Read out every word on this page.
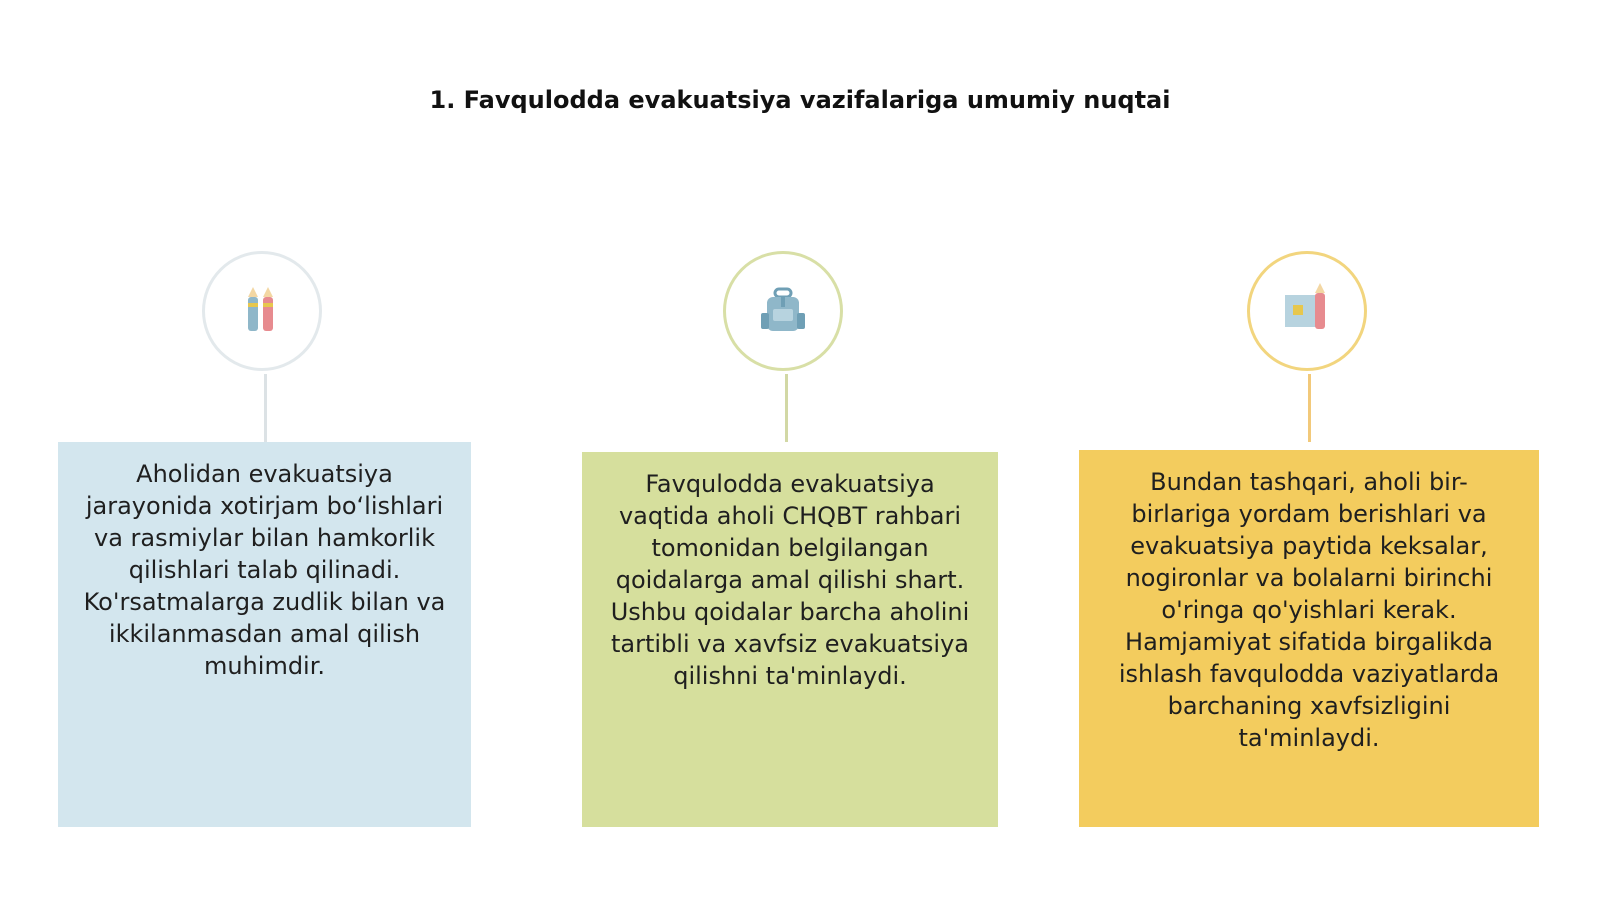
1. Favqulodda evakuatsiya vazifalariga umumiy nuqtai

Aholidan evakuatsiya jarayonida xotirjam bo‘lishlari va rasmiylar bilan hamkorlik qilishlari talab qilinadi. Ko'rsatmalarga zudlik bilan va ikkilanmasdan amal qilish muhimdir.

Favqulodda evakuatsiya vaqtida aholi CHQBT rahbari tomonidan belgilangan qoidalarga amal qilishi shart. Ushbu qoidalar barcha aholini tartibli va xavfsiz evakuatsiya qilishni ta'minlaydi.

Bundan tashqari, aholi bir-birlariga yordam berishlari va evakuatsiya paytida keksalar, nogironlar va bolalarni birinchi o'ringa qo'yishlari kerak. Hamjamiyat sifatida birgalikda ishlash favqulodda vaziyatlarda barchaning xavfsizligini ta'minlaydi.
